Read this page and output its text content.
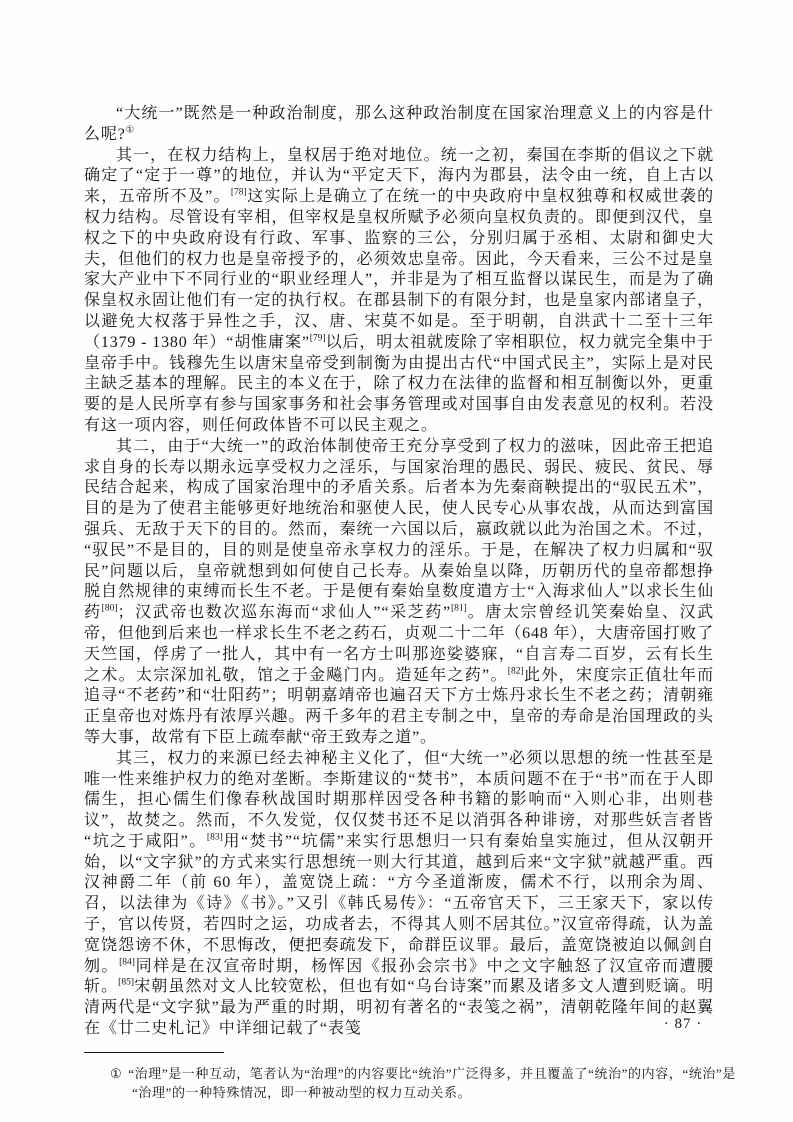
“大统一”既然是一种政治制度，那么这种政治制度在国家治理意义上的内容是什么呢?①

其一，在权力结构上，皇权居于绝对地位。统一之初，秦国在李斯的倡议之下就确定了“定于一尊”的地位，并认为“平定天下，海内为郡县，法令由一统，自上古以来，五帝所不及”。[78]这实际上是确立了在统一的中央政府中皇权独尊和权威世袭的权力结构。尽管设有宰相，但宰权是皇权所赋予必须向皇权负责的。即便到汉代，皇权之下的中央政府设有行政、军事、监察的三公，分别归属于丞相、太尉和御史大夫，但他们的权力也是皇帝授予的，必须效忠皇帝。因此，今天看来，三公不过是皇家大产业中下不同行业的“职业经理人”，并非是为了相互监督以谋民生，而是为了确保皇权永固让他们有一定的执行权。在郡县制下的有限分封，也是皇家内部诸皇子，以避免大权落于异性之手，汉、唐、宋莫不如是。至于明朝，自洪武十二至十三年（1379 - 1380 年）“胡惟庸案”[79]以后，明太祖就废除了宰相职位，权力就完全集中于皇帝手中。钱穆先生以唐宋皇帝受到制衡为由提出古代“中国式民主”，实际上是对民主缺乏基本的理解。民主的本义在于，除了权力在法律的监督和相互制衡以外，更重要的是人民所享有参与国家事务和社会事务管理或对国事自由发表意见的权利。若没有这一项内容，则任何政体皆不可以民主观之。

其二，由于“大统一”的政治体制使帝王充分享受到了权力的滋味，因此帝王把追求自身的长寿以期永远享受权力之淫乐，与国家治理的愚民、弱民、疲民、贫民、辱民结合起来，构成了国家治理中的矛盾关系。后者本为先秦商鞅提出的“驭民五术”，目的是为了使君主能够更好地统治和驱使人民，使人民专心从事农战，从而达到富国强兵、无敌于天下的目的。然而，秦统一六国以后，嬴政就以此为治国之术。不过，“驭民”不是目的，目的则是使皇帝永享权力的淫乐。于是，在解决了权力归属和“驭民”问题以后，皇帝就想到如何使自己长寿。从秦始皇以降，历朝历代的皇帝都想挣脱自然规律的束缚而长生不老。于是便有秦始皇数度遣方士“入海求仙人”以求长生仙药[80]；汉武帝也数次巡东海而“求仙人”“采芝药”[81]。唐太宗曾经讥笑秦始皇、汉武帝，但他到后来也一样求长生不老之药石，贞观二十二年（648 年），大唐帝国打败了天竺国，俘虏了一批人，其中有一名方士叫那迩娑婆寐，“自言寿二百岁，云有长生之术。太宗深加礼敬，馆之于金飚门内。造延年之药”。[82]此外，宋度宗正值壮年而追寻“不老药”和“壮阳药”；明朝嘉靖帝也遍召天下方士炼丹求长生不老之药；清朝雍正皇帝也对炼丹有浓厚兴趣。两千多年的君主专制之中，皇帝的寿命是治国理政的头等大事，故常有下臣上疏奉献“帝王致寿之道”。

其三，权力的来源已经去神秘主义化了，但“大统一”必须以思想的统一性甚至是唯一性来维护权力的绝对垄断。李斯建议的“焚书”，本质问题不在于“书”而在于人即儒生，担心儒生们像春秋战国时期那样因受各种书籍的影响而“入则心非，出则巷议”，故焚之。然而，不久发觉，仅仅焚书还不足以消弭各种诽谤，对那些妖言者皆“坑之于咸阳”。[83]用“焚书”“坑儒”来实行思想归一只有秦始皇实施过，但从汉朝开始，以“文字狱”的方式来实行思想统一则大行其道，越到后来“文字狱”就越严重。西汉神爵二年（前 60 年），盖宽饶上疏：“方今圣道渐废，儒术不行，以刑余为周、召，以法律为《诗》《书》。”又引《韩氏易传》：“五帝官天下，三王家天下，家以传子，官以传贤，若四时之运，功成者去，不得其人则不居其位。”汉宣帝得疏，认为盖宽饶怨谤不休，不思悔改，便把奏疏发下，命群臣议罪。最后，盖宽饶被迫以佩剑自刎。[84]同样是在汉宣帝时期，杨恽因《报孙会宗书》中之文字触怒了汉宣帝而遭腰斩。[85]宋朝虽然对文人比较宽松，但也有如“乌台诗案”而累及诸多文人遭到贬谪。明清两代是“文字狱”最为严重的时期，明初有著名的“表笺之祸”，清朝乾隆年间的赵翼在《廿二史札记》中详细记载了“表笺

① “治理”是一种互动，笔者认为“治理”的内容要比“统治”广泛得多，并且覆盖了“统治”的内容，“统治”是“治理”的一种特殊情况，即一种被动型的权力互动关系。
· 87 ·
